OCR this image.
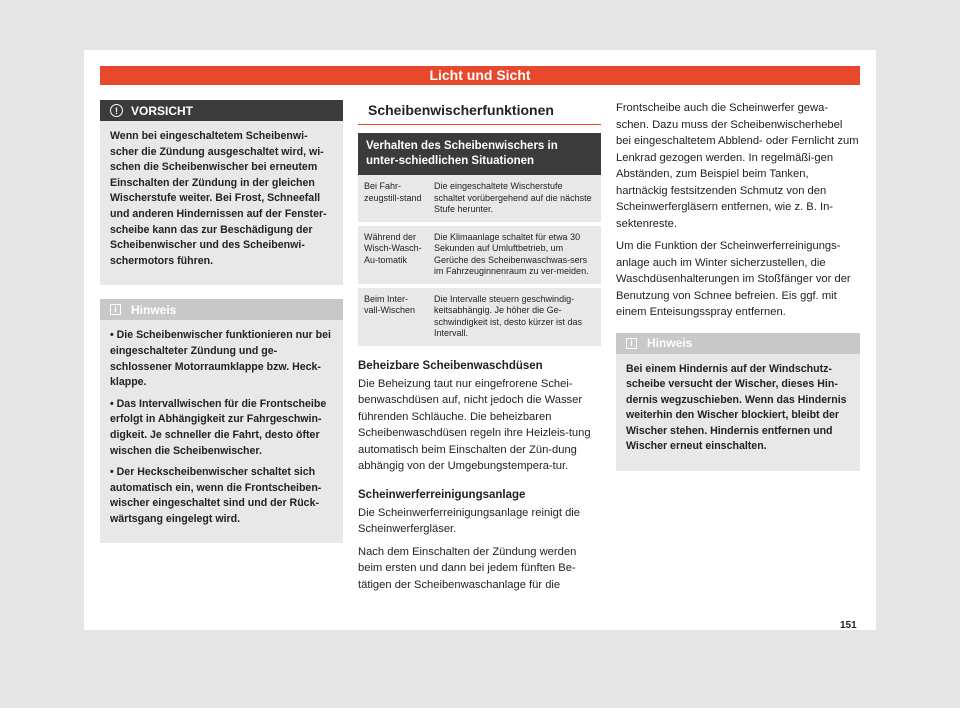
Licht und Sicht
!	VORSICHT

Wenn bei eingeschaltetem Scheibenwi-scher die Zündung ausgeschaltet wird, wi-schen die Scheibenwischer bei erneutem Einschalten der Zündung in der gleichen Wischerstufe weiter. Bei Frost, Schneefall und anderen Hindernissen auf der Fenster-scheibe kann das zur Beschädigung der Scheibenwischer und des Scheibenwi-schermotors führen.

i	Hinweis

• Die Scheibenwischer funktionieren nur bei eingeschalteter Zündung und ge-schlossener Motorraumklappe bzw. Heck-klappe.

• Das Intervallwischen für die Frontscheibe erfolgt in Abhängigkeit zur Fahrgeschwin-digkeit. Je schneller die Fahrt, desto öfter wischen die Scheibenwischer.

• Der Heckscheibenwischer schaltet sich automatisch ein, wenn die Frontscheiben-wischer eingeschaltet sind und der Rück-wärtsgang eingelegt wird.

Scheibenwischerfunktionen
Verhalten des Scheibenwischers in unter-schiedlichen Situationen
Bei Fahr-zeugstill-stand	Die eingeschaltete Wischerstufe schaltet vorübergehend auf die nächste Stufe herunter.

Während der Wisch-Wasch-Au-tomatik	Die Klimaanlage schaltet für etwa 30 Sekunden auf Umluftbetrieb, um Gerüche des Scheibenwaschwas-sers im Fahrzeuginnenraum zu ver-meiden.

Beim Inter-vall-Wischen	Die Intervalle steuern geschwindig-keitsabhängig. Je höher die Ge-schwindigkeit ist, desto kürzer ist das Intervall.
Beheizbare Scheibenwaschdüsen

Die Beheizung taut nur eingefrorene Schei-benwaschdüsen auf, nicht jedoch die Wasser führenden Schläuche. Die beheizbaren Scheibenwaschdüsen regeln ihre Heizleis-tung automatisch beim Einschalten der Zün-dung abhängig von der Umgebungstempera-tur.

Scheinwerferreinigungsanlage

Die Scheinwerferreinigungsanlage reinigt die Scheinwerfergläser.

Nach dem Einschalten der Zündung werden beim ersten und dann bei jedem fünften Be-tätigen der Scheibenwaschanlage für die

Frontscheibe auch die Scheinwerfer gewa-schen. Dazu muss der Scheibenwischerhebel bei eingeschaltetem Abblend- oder Fernlicht zum Lenkrad gezogen werden. In regelmäßi-gen Abständen, zum Beispiel beim Tanken, hartnäckig festsitzenden Schmutz von den Scheinwerfergläsern entfernen, wie z. B. In-sektenreste.

Um die Funktion der Scheinwerferreinigungs-anlage auch im Winter sicherzustellen, die Waschdüsenhalterungen im Stoßfänger vor der Benutzung von Schnee befreien. Eis ggf. mit einem Enteisungsspray entfernen.

i	Hinweis

Bei einem Hindernis auf der Windschutz-scheibe versucht der Wischer, dieses Hin-dernis wegzuschieben. Wenn das Hindernis weiterhin den Wischer blockiert, bleibt der Wischer stehen. Hindernis entfernen und Wischer erneut einschalten.

151
